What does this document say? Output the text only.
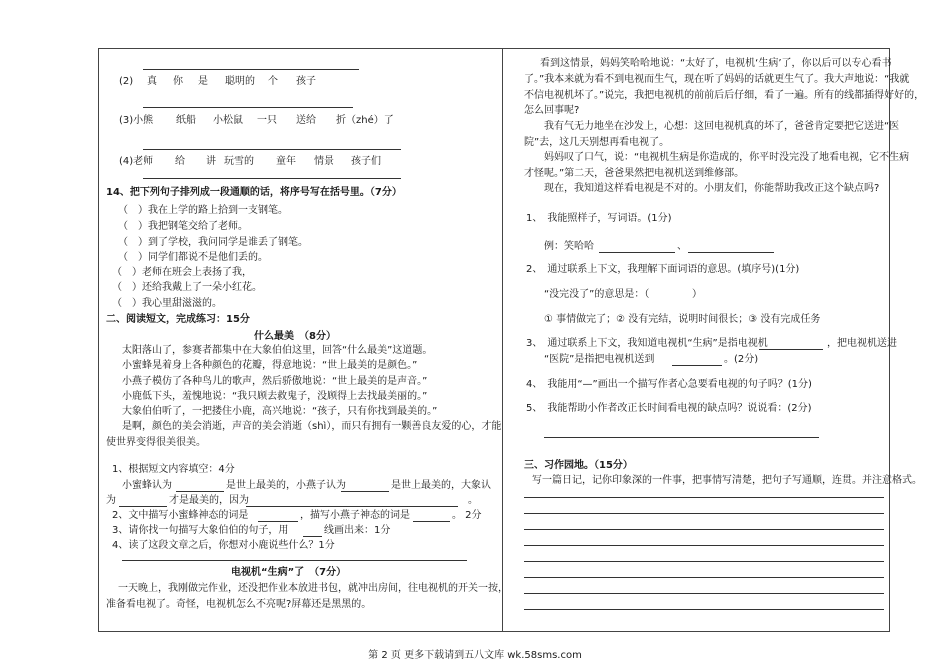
(2) 真 你 是 聪明的 个 孩子
(3)小熊 纸船 小松鼠 一只 送给 折（zhé）了
(4)老师 给 讲 玩雪的 童年 情景 孩子们
14、把下列句子排列成一段通顺的话，将序号写在括号里。（7分）
（　）我在上学的路上拾到一支钢笔。
（　）我把钢笔交给了老师。
（　）到了学校，我问同学是谁丢了钢笔。
（　）同学们都说不是他们丢的。
（　）老师在班会上表扬了我，
（　）还给我戴上了一朵小红花。
（　）我心里甜滋滋的。
二、阅读短文，完成练习：15分
什么最美　（8分）
太阳落山了，参赛者都集中在大象伯伯这里，回答“什么最美”这道题。
小蜜蜂晃着身上各种颜色的花瓣，得意地说：“世上最美的是颜色。”
小燕子模仿了各种鸟儿的歌声，然后骄傲地说：“世上最美的是声音。”
小鹿低下头，羞愧地说：“我只顾去救鬼子，没顾得上去找最美丽的。”
大象伯伯听了，一把搂住小鹿，高兴地说：“孩子，只有你找到最美的。”
是啊，颜色的美会消逝，声音的美会消逝（shì），而只有拥有一颗善良友爱的心，才能
使世界变得很美很美。
1、根据短文内容填空：4分
小蜜蜂认为	是世上最美的，小燕子认为	是世上最美的，大象认
为	才是最美的，因为	。
2、文中描写小蜜蜂神态的词是	，描写小燕子神态的词是	。 2分
3、请你找一句描写大象伯伯的句子，用	线画出来：1分
4、读了这段文章之后，你想对小鹿说些什么？1分
电视机“生病”了　（7分）
一天晚上，我刚做完作业，还没把作业本放进书包，就冲出房间，往电视机的开关一按，
准备看电视了。奇怪，电视机怎么不亮呢?屏幕还是黑黑的。
看到这情景，妈妈笑哈哈地说：“太好了，电视机‘生病’了，你以后可以专心看书
了。”我本来就为看不到电视而生气，现在听了妈妈的话就更生气了。我大声地说：“我就
不信电视机坏了。”说完，我把电视机的前前后后仔细，看了一遍。所有的线都插得好好的，
怎么回事呢?
我有气无力地坐在沙发上，心想：这回电视机真的坏了，爸爸肯定要把它送进“医
院”去，这几天别想再看电视了。
妈妈叹了口气，说：“电视机生病是你造成的，你平时没完没了地看电视，它不生病
才怪呢。”第二天，爸爸果然把电视机送到维修部。
现在，我知道这样看电视是不对的。小朋友们，你能帮助我改正这个缺点吗?
1、　我能照样子，写词语。(1分)
例：笑哈哈	、
2、　通过联系上下文，我理解下面词语的意思。(填序号)(1分)
“没完没了”的意思是：（	）
① 事情做完了；② 没有完结，说明时间很长；③ 没有完成任务
3、　通过联系上下文，我知道电视机“生病”是指电视机	，把电视机送进
“医院”是指把电视机送到	。(2分)
4、　我能用“—”画出一个描写作者心急要看电视的句子吗？(1分)
5、　我能帮助小作者改正长时间看电视的缺点吗？说说看：(2分)
三、习作园地。（15分）
写一篇日记，记你印象深的一件事，把事情写清楚，把句子写通顺，连贯。并注意格式。
第 2 页 更多下载请到五八文库 wk.58sms.com
